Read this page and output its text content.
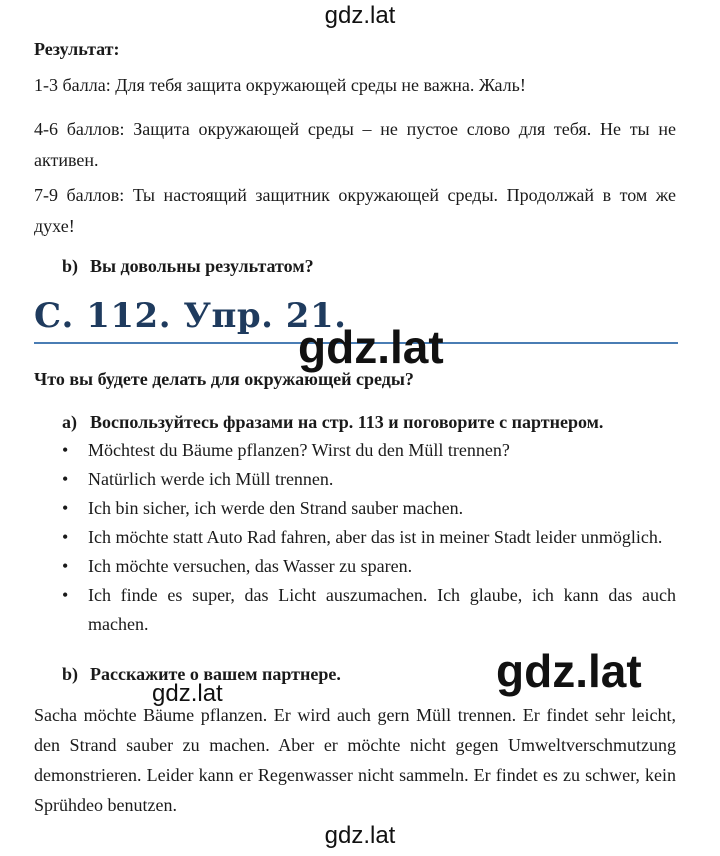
gdz.lat
gdz.lat
gdz.lat
gdz.lat
gdz.lat

Результат:

1-3 балла: Для тебя защита окружающей среды не важна. Жаль!

4-6 баллов: Защита окружающей среды – не пустое слово для тебя. Не ты не активен.

7-9 баллов: Ты настоящий защитник окружающей среды. Продолжай в том же духе!

b) Вы довольны результатом?
С. 112. Упр. 21.

Что вы будете делать для окружающей среды?

a) Воспользуйтесь фразами на стр. 113 и поговорите с партнером.
• Möchtest du Bäume pflanzen? Wirst du den Müll trennen?
• Natürlich werde ich Müll trennen.
• Ich bin sicher, ich werde den Strand sauber machen.
• Ich möchte statt Auto Rad fahren, aber das ist in meiner Stadt leider unmöglich.
• Ich möchte versuchen, das Wasser zu sparen.
• Ich finde es super, das Licht auszumachen. Ich glaube, ich kann das auch machen.
b) Расскажите о вашем партнере.

Sacha möchte Bäume pflanzen. Er wird auch gern Müll trennen. Er findet sehr leicht, den Strand sauber zu machen. Aber er möchte nicht gegen Umweltverschmutzung demonstrieren. Leider kann er Regenwasser nicht sammeln. Er findet es zu schwer, kein Sprühdeo benutzen.
